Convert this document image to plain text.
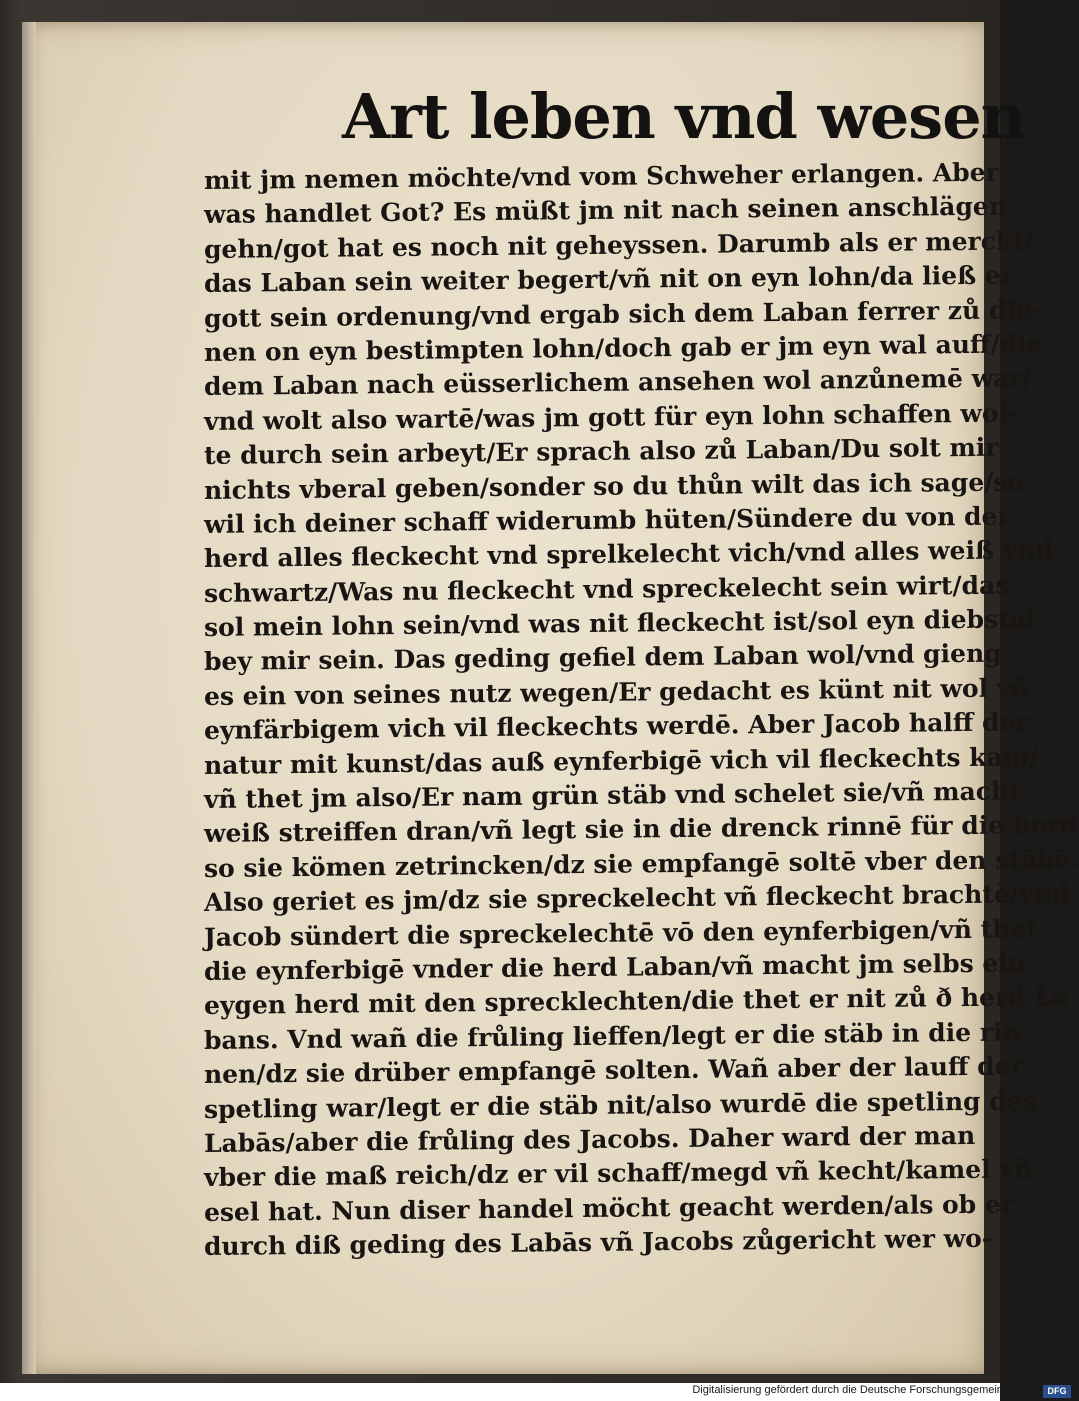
Art leben vnd wesen
mit jm nemen möchte/vnd vom Schweher erlangen. Aber
was handlet Got? Es müßt jm nit nach seinen anschlägen
gehn/got hat es noch nit geheyssen. Darumb als er merckt/
das Laban sein weiter begert/vñ nit on eyn lohn/da ließ er
gott sein ordenung/vnd ergab sich dem Laban ferrer zů die-
nen on eyn bestimpten lohn/doch gab er jm eyn wal auff/die
dem Laban nach eüsserlichem ansehen wol anzůnemē war/
vnd wolt also wartē/was jm gott für eyn lohn schaffen wol-
te durch sein arbeyt/Er sprach also zů Laban/Du solt mir
nichts vberal geben/sonder so du thůn wilt das ich sage/so
wil ich deiner schaff widerumb hüten/Sündere du von der
herd alles fleckecht vnd sprelkelecht vich/vnd alles weiß vnd
schwartz/Was nu fleckecht vnd spreckelecht sein wirt/das
sol mein lohn sein/vnd was nit fleckecht ist/sol eyn diebstal
bey mir sein. Das geding gefiel dem Laban wol/vnd gieng
es ein von seines nutz wegen/Er gedacht es künt nit wol vō
eynfärbigem vich vil fleckechts werdē. Aber Jacob halff der
natur mit kunst/das auß eynferbigē vich vil fleckechts kam/
vñ thet jm also/Er nam grün stäb vnd schelet sie/vñ macht
weiß streiffen dran/vñ legt sie in die drenck rinnē für die herd
so sie kömen zetrincken/dz sie empfangē soltē vber den stäbē.
Also geriet es jm/dz sie spreckelecht vñ fleckecht brachtē/vnd
Jacob sündert die spreckelechtē vō den eynferbigen/vñ thet
die eynferbigē vnder die herd Laban/vñ macht jm selbs ein
eygen herd mit den sprecklechten/die thet er nit zů ð herd La
bans. Vnd wañ die frůling lieffen/legt er die stäb in die rin
nen/dz sie drüber empfangē solten. Wañ aber der lauff der
spetling war/legt er die stäb nit/also wurdē die spetling des
Labās/aber die frůling des Jacobs. Daher ward der man
vber die maß reich/dz er vil schaff/megd vñ kecht/kamel vñ
esel hat. Nun diser handel möcht geacht werden/als ob er
durch diß geding des Labās vñ Jacobs zůgericht wer wo-
Digitalisierung gefördert durch die Deutsche Forschungsgemeinschaft - DFG
